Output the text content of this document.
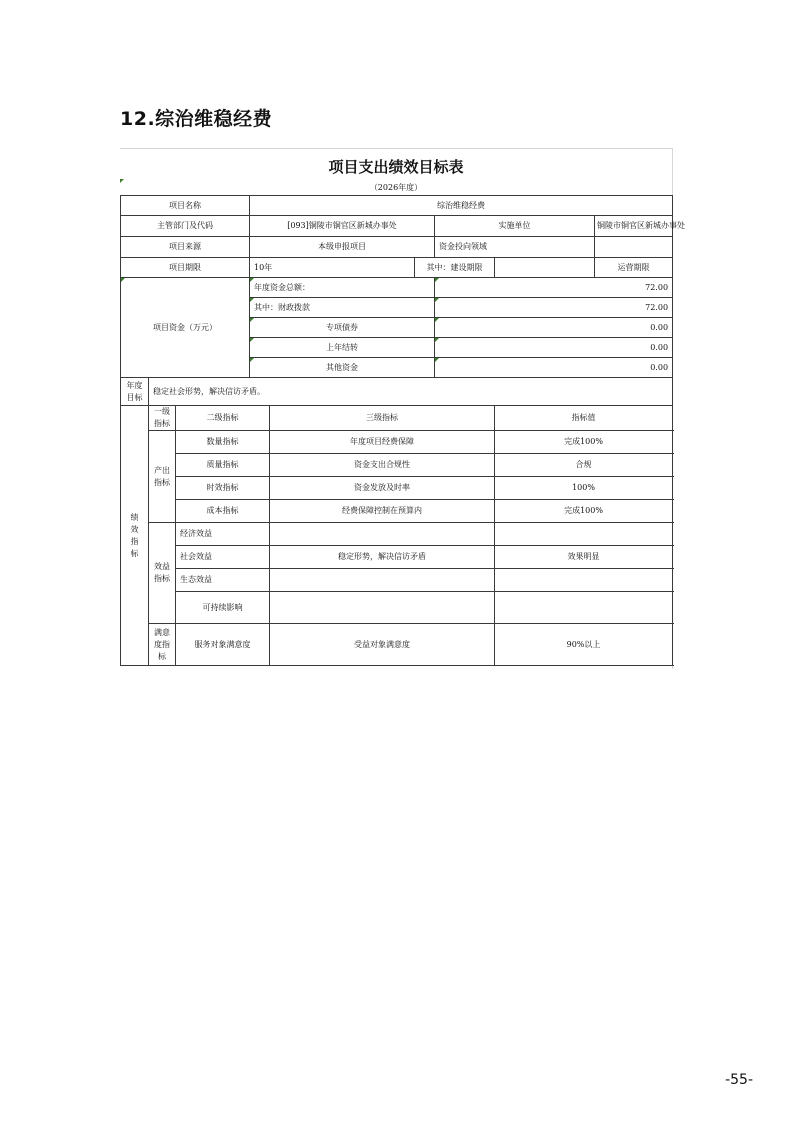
12.综治维稳经费
项目支出绩效目标表
（2026年度）
项目名称			综治维稳经费					
主管部门及代码			[093]铜陵市铜官区新城办事处			实施单位		铜陵市铜官区新城办事处
项目来源			本级申报项目			资金投向领域		
项目期限			10年		其中：建设期限			运营期限
项目资金（万元）			年度资金总额：			72.00		
			其中：财政拨款			72.00		
			专项债券			0.00		
			上年结转			0.00		
			其他资金			0.00		
年度目标	稳定社会形势，解决信访矛盾。							
绩效指标	一级指标	二级指标		三级指标			指标值	
	产出指标	数量指标		年度项目经费保障			完成100%	
		质量指标		资金支出合规性			合规	
		时效指标		资金发放及时率			100%	
		成本指标		经费保障控制在预算内			完成100%	
	效益指标	经济效益						
		社会效益		稳定形势，解决信访矛盾			效果明显	
		生态效益						
		可持续影响						
	满意度指标	服务对象满意度		受益对象满意度			90%以上	
-55-
